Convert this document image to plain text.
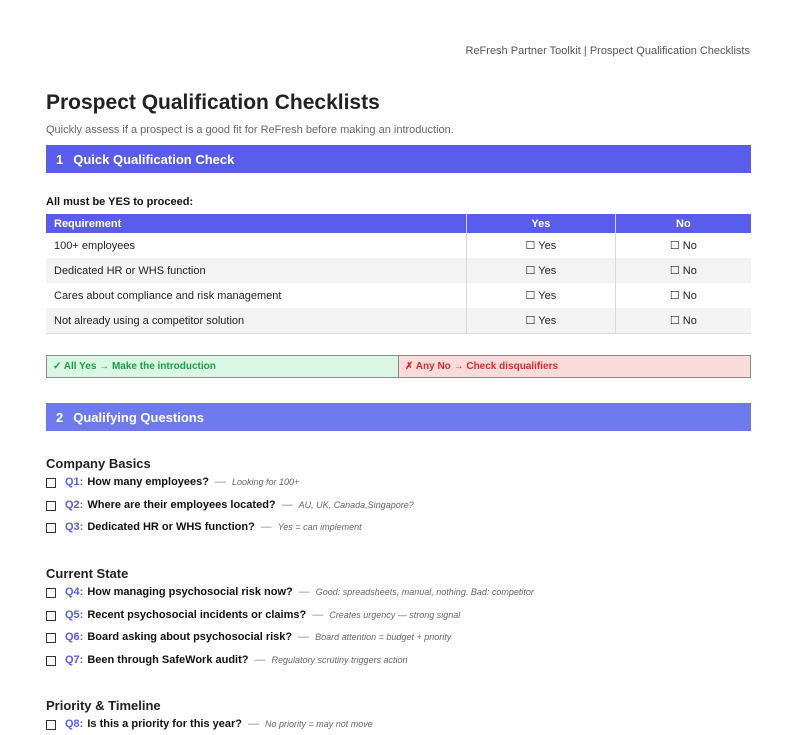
ReFresh Partner Toolkit | Prospect Qualification Checklists
Prospect Qualification Checklists
Quickly assess if a prospect is a good fit for ReFresh before making an introduction.
1 Quick Qualification Check
All must be YES to proceed:
Requirement	Yes	No
100+ employees	☐ Yes	☐ No
Dedicated HR or WHS function	☐ Yes	☐ No
Cares about compliance and risk management	☐ Yes	☐ No
Not already using a competitor solution	☐ Yes	☐ No
✓ All Yes → Make the introduction	✗ Any No → Check disqualifiers
2 Qualifying Questions
Company Basics
Q1: How many employees? — Looking for 100+
Q2: Where are their employees located? — AU, UK, Canada,Singapore?
Q3: Dedicated HR or WHS function? — Yes = can implement
Current State
Q4: How managing psychosocial risk now? — Good: spreadsheets, manual, nothing. Bad: competitor
Q5: Recent psychosocial incidents or claims? — Creates urgency — strong signal
Q6: Board asking about psychosocial risk? — Board attention = budget + priority
Q7: Been through SafeWork audit? — Regulatory scrutiny triggers action
Priority & Timeline
Q8: Is this a priority for this year? — No priority = may not move
